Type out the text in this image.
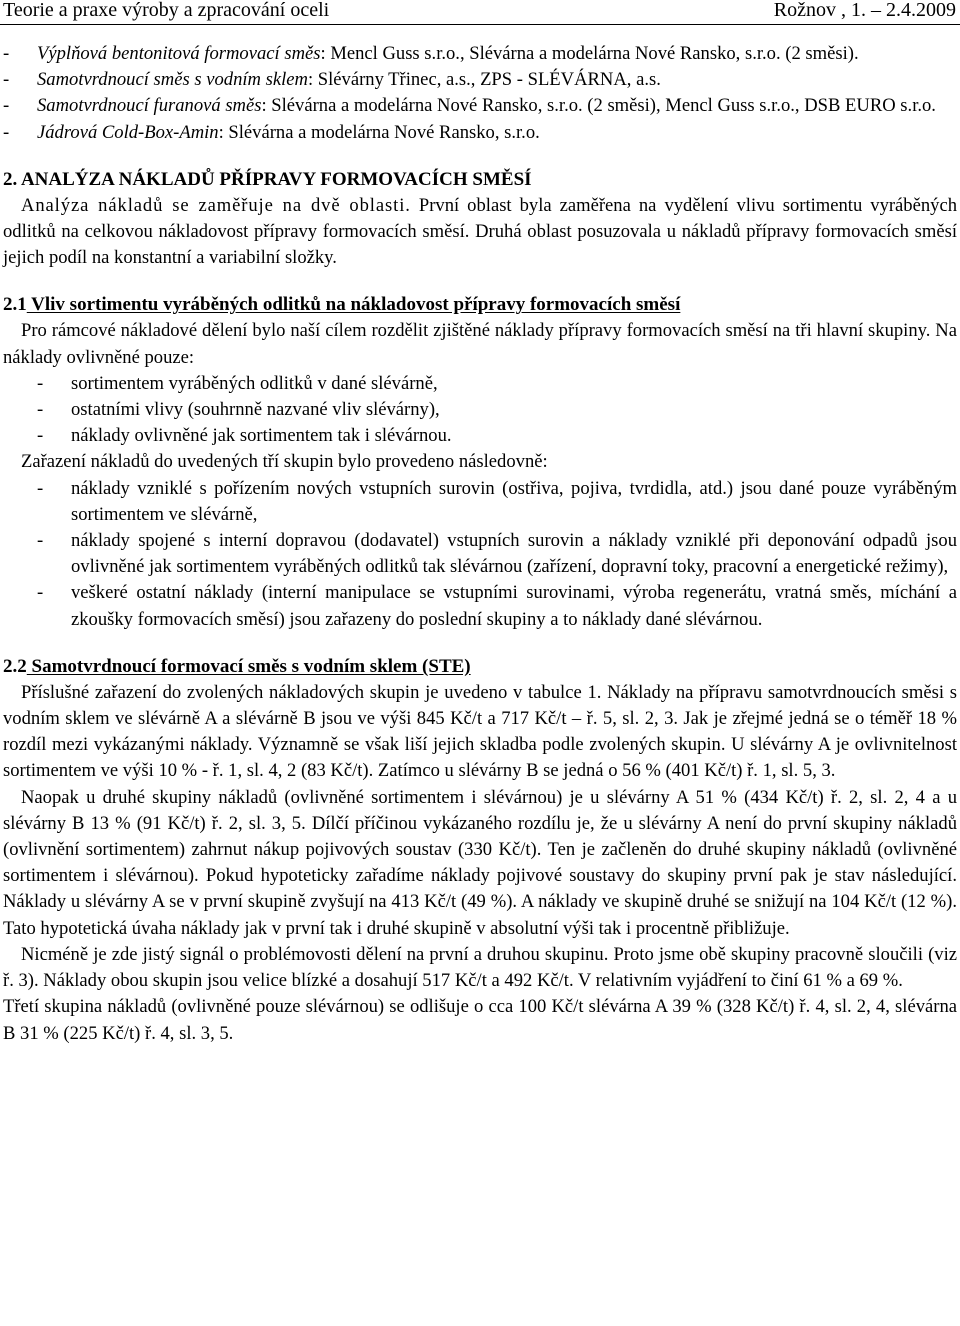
Teorie a praxe výroby a zpracování oceli	Rožnov , 1. – 2.4.2009

- Výplňová bentonitová formovací směs: Mencl Guss s.r.o., Slévárna a modelárna Nové Ransko, s.r.o. (2 směsi).

- Samotvrdnoucí směs s vodním sklem: Slévárny Třinec, a.s., ZPS - SLÉVÁRNA, a.s.

- Samotvrdnoucí furanová směs: Slévárna a modelárna Nové Ransko, s.r.o. (2 směsi), Mencl Guss s.r.o., DSB EURO s.r.o.

- Jádrová Cold-Box-Amin: Slévárna a modelárna Nové Ransko, s.r.o.

2. ANALÝZA NÁKLADŮ PŘÍPRAVY FORMOVACÍCH SMĚSÍ

Analýza nákladů se zaměřuje na dvě oblasti. První oblast byla zaměřena na vydělení vlivu sortimentu vyráběných odlitků na celkovou nákladovost přípravy formovacích směsí. Druhá oblast posuzovala u nákladů přípravy formovacích směsí jejich podíl na konstantní a variabilní složky.

2.1 Vliv sortimentu vyráběných odlitků na nákladovost přípravy formovacích směsí

Pro rámcové nákladové dělení bylo naší cílem rozdělit zjištěné náklady přípravy formovacích směsí na tři hlavní skupiny. Na náklady ovlivněné pouze:

- sortimentem vyráběných odlitků v dané slévárně,

- ostatními vlivy (souhrnně nazvané vliv slévárny),

- náklady ovlivněné jak sortimentem tak i slévárnou.

Zařazení nákladů do uvedených tří skupin bylo provedeno následovně:

- náklady vzniklé s pořízením nových vstupních surovin (ostřiva, pojiva, tvrdidla, atd.) jsou dané pouze vyráběným sortimentem ve slévárně,

- náklady spojené s interní dopravou (dodavatel) vstupních surovin a náklady vzniklé při deponování odpadů jsou ovlivněné jak sortimentem vyráběných odlitků tak slévárnou (zařízení, dopravní toky, pracovní a energetické režimy),

- veškeré ostatní náklady (interní manipulace se vstupními surovinami, výroba regenerátu, vratná směs, míchání a zkoušky formovacích směsí) jsou zařazeny do poslední skupiny a to náklady dané slévárnou.

2.2 Samotvrdnoucí formovací směs s vodním sklem (STE)

Příslušné zařazení do zvolených nákladových skupin je uvedeno v tabulce 1. Náklady na přípravu samotvrdnoucích směsi s vodním sklem ve slévárně A a slévárně B jsou ve výši 845 Kč/t a 717 Kč/t – ř. 5, sl. 2, 3. Jak je zřejmé jedná se o téměř 18 % rozdíl mezi vykázanými náklady. Významně se však liší jejich skladba podle zvolených skupin. U slévárny A je ovlivnitelnost sortimentem ve výši 10 % - ř. 1, sl. 4, 2 (83 Kč/t). Zatímco u slévárny B se jedná o 56 % (401 Kč/t) ř. 1, sl. 5, 3.

Naopak u druhé skupiny nákladů (ovlivněné sortimentem i slévárnou) je u slévárny A 51 % (434 Kč/t) ř. 2, sl. 2, 4 a u slévárny B 13 % (91 Kč/t) ř. 2, sl. 3, 5. Dílčí příčinou vykázaného rozdílu je, že u slévárny A není do první skupiny nákladů (ovlivnění sortimentem) zahrnut nákup pojivových soustav (330 Kč/t). Ten je začleněn do druhé skupiny nákladů (ovlivněné sortimentem i slévárnou). Pokud hypoteticky zařadíme náklady pojivové soustavy do skupiny první pak je stav následující. Náklady u slévárny A se v první skupině zvyšují na 413 Kč/t (49 %). A náklady ve skupině druhé se snižují na 104 Kč/t (12 %). Tato hypotetická úvaha náklady jak v první tak i druhé skupině v absolutní výši tak i procentně přibližuje.

Nicméně je zde jistý signál o problémovosti dělení na první a druhou skupinu. Proto jsme obě skupiny pracovně sloučili (viz ř. 3). Náklady obou skupin jsou velice blízké a dosahují 517 Kč/t a 492 Kč/t. V relativním vyjádření to činí 61 % a 69 %.

Třetí skupina nákladů (ovlivněné pouze slévárnou) se odlišuje o cca 100 Kč/t slévárna A 39 % (328 Kč/t) ř. 4, sl. 2, 4, slévárna B 31 % (225 Kč/t) ř. 4, sl. 3, 5.
